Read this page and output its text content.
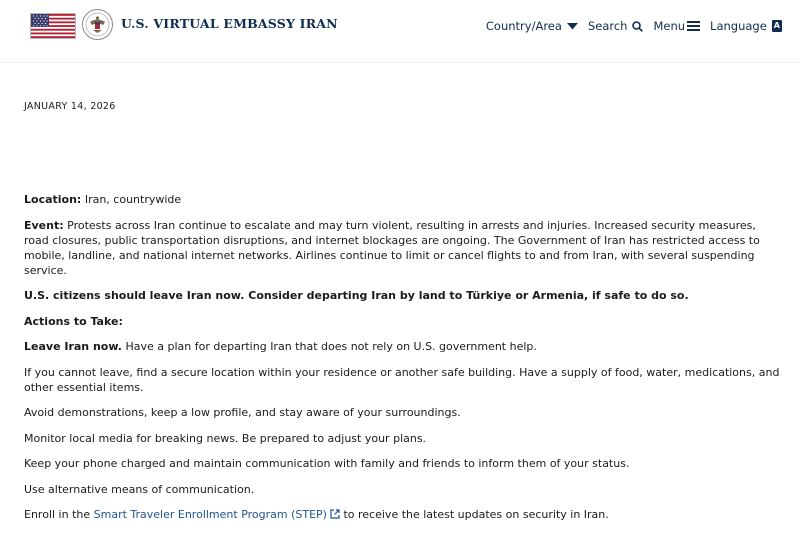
U.S. VIRTUAL EMBASSY IRAN	Country/Area Search Menu Language A
JANUARY 14, 2026

Location: Iran, countrywide

Event: Protests across Iran continue to escalate and may turn violent, resulting in arrests and injuries. Increased security measures, road closures, public transportation disruptions, and internet blockages are ongoing. The Government of Iran has restricted access to mobile, landline, and national internet networks. Airlines continue to limit or cancel flights to and from Iran, with several suspending service.

U.S. citizens should leave Iran now. Consider departing Iran by land to Türkiye or Armenia, if safe to do so.

Actions to Take:

Leave Iran now. Have a plan for departing Iran that does not rely on U.S. government help.

If you cannot leave, find a secure location within your residence or another safe building. Have a supply of food, water, medications, and other essential items.

Avoid demonstrations, keep a low profile, and stay aware of your surroundings.

Monitor local media for breaking news. Be prepared to adjust your plans.

Keep your phone charged and maintain communication with family and friends to inform them of your status.

Use alternative means of communication.

Enroll in the Smart Traveler Enrollment Program (STEP) to receive the latest updates on security in Iran.
